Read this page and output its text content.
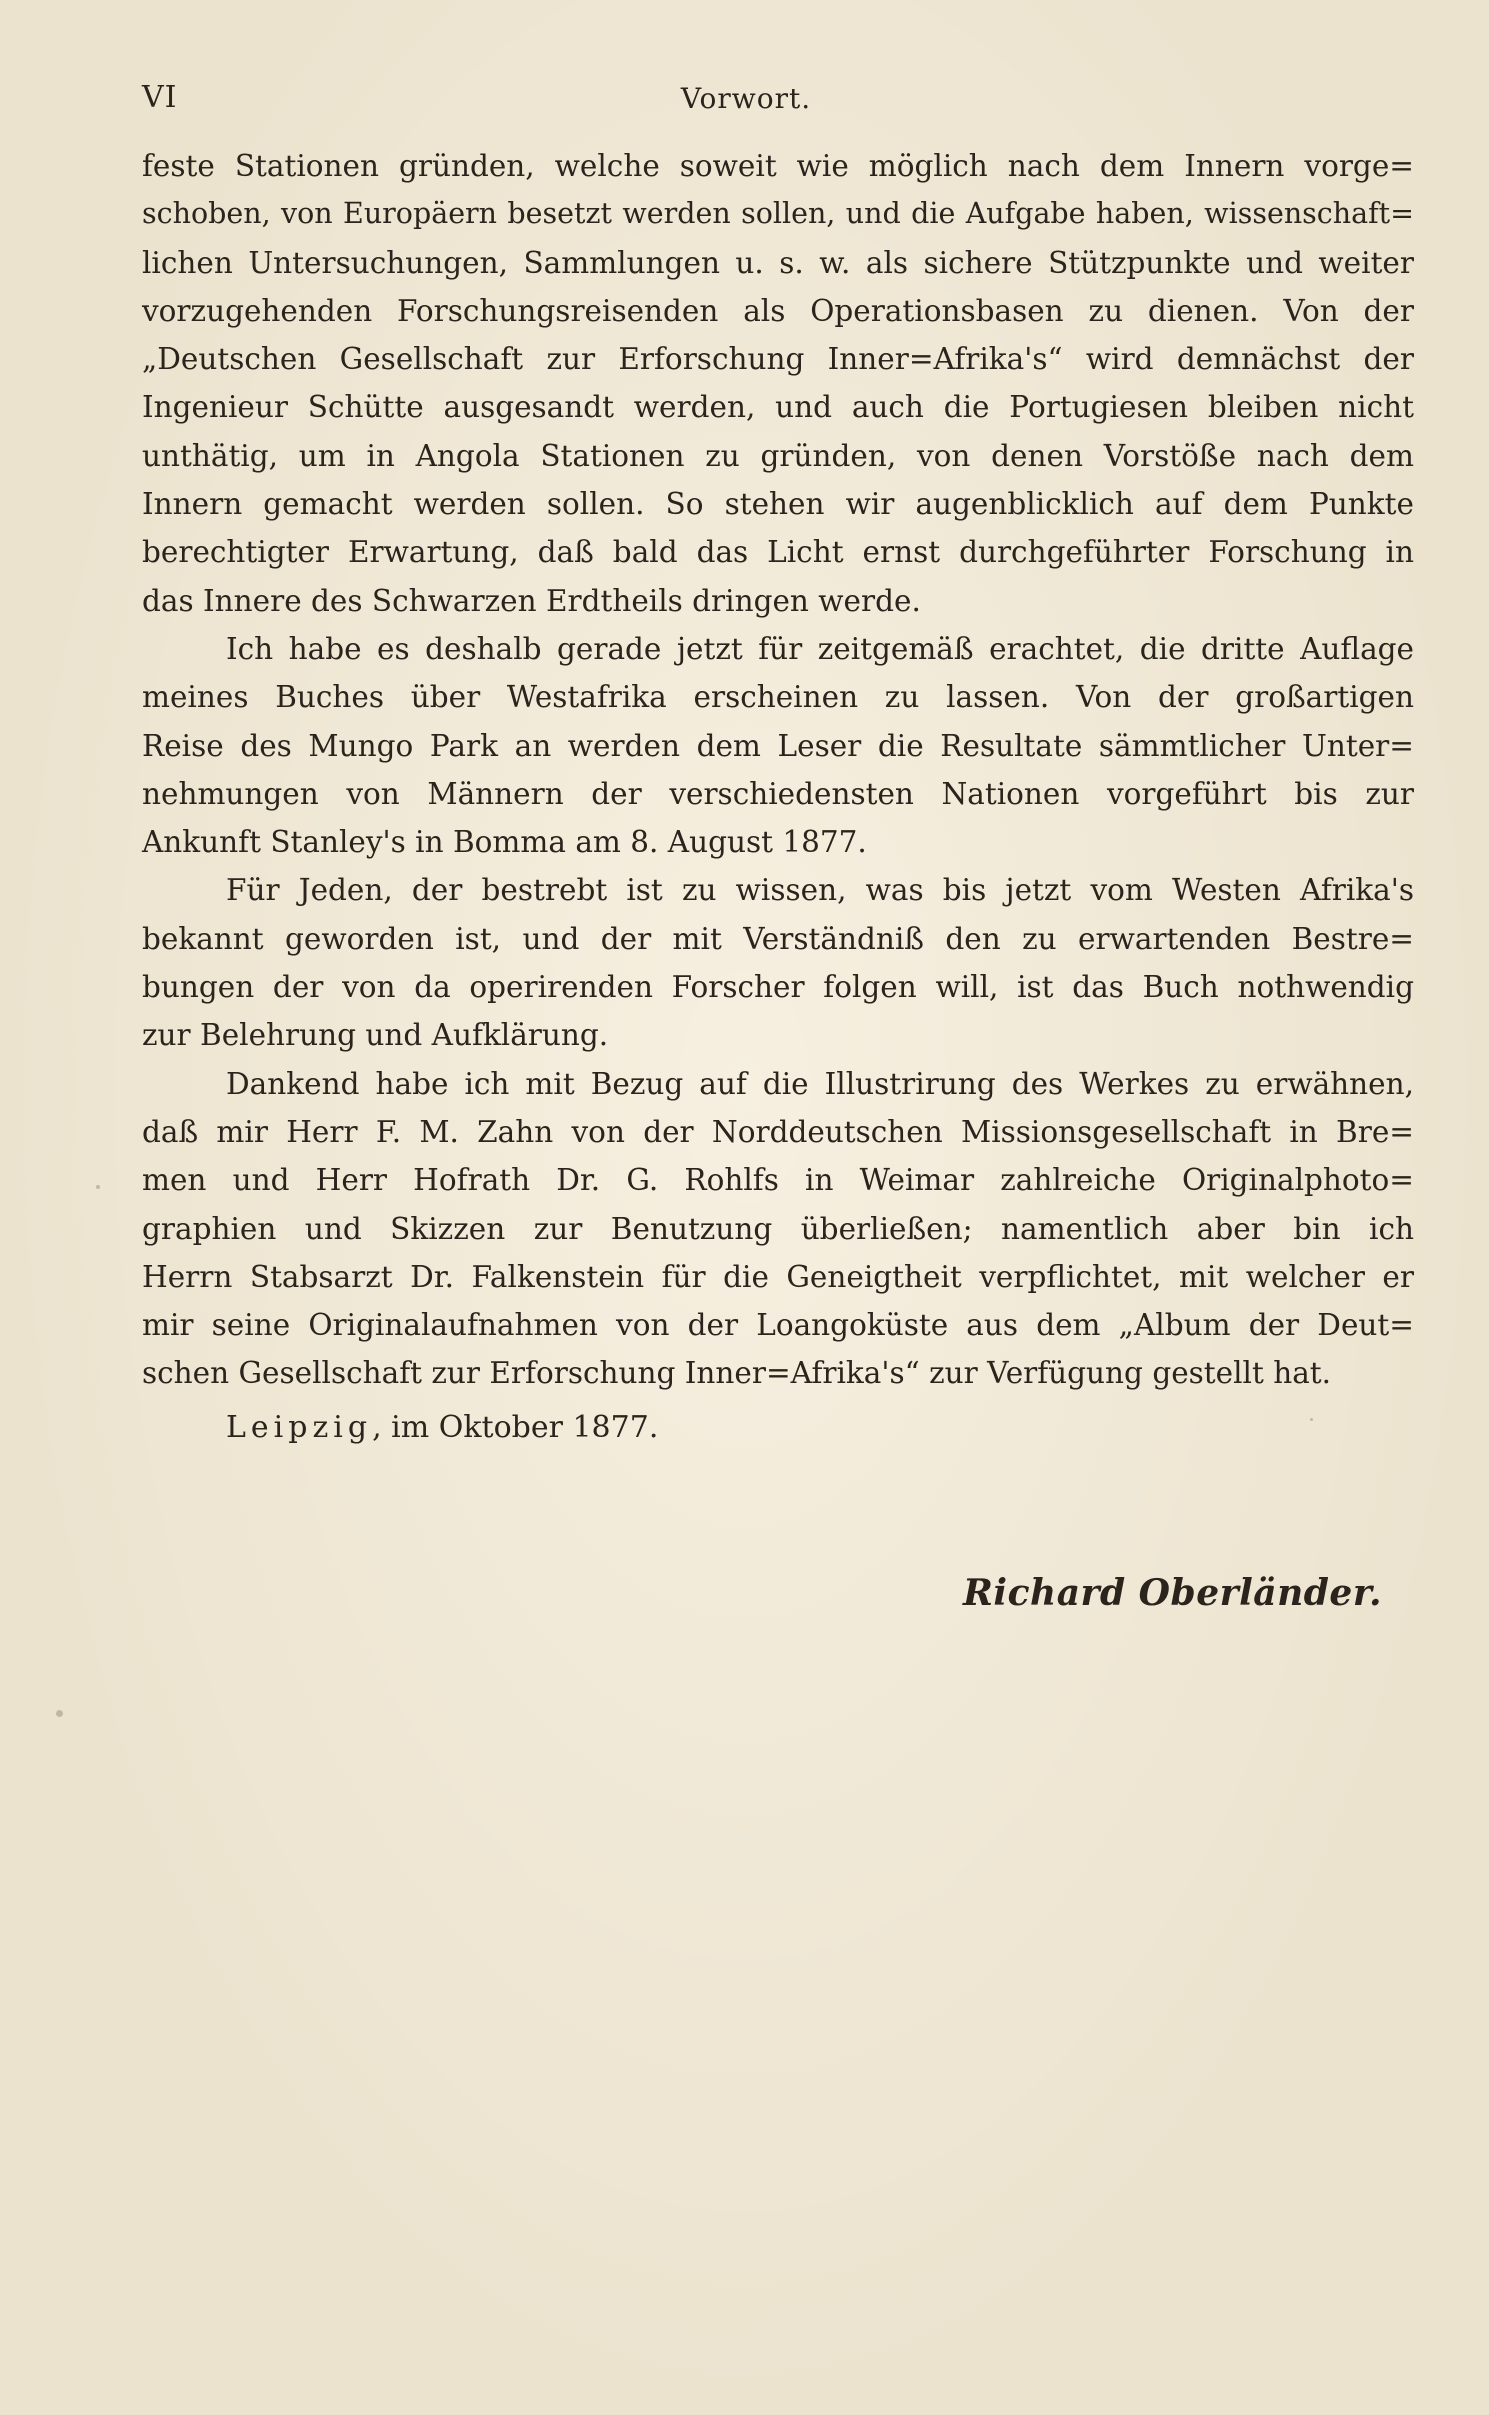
VI	Vorwort.
feste Stationen gründen, welche soweit wie möglich nach dem Innern vorge=
schoben, von Europäern besetzt werden sollen, und die Aufgabe haben, wissenschaft=
lichen Untersuchungen, Sammlungen u. s. w. als sichere Stützpunkte und weiter
vorzugehenden Forschungsreisenden als Operationsbasen zu dienen. Von der
„Deutschen Gesellschaft zur Erforschung Inner=Afrika's“ wird demnächst der
Ingenieur Schütte ausgesandt werden, und auch die Portugiesen bleiben nicht
unthätig, um in Angola Stationen zu gründen, von denen Vorstöße nach dem
Innern gemacht werden sollen. So stehen wir augenblicklich auf dem Punkte
berechtigter Erwartung, daß bald das Licht ernst durchgeführter Forschung in
das Innere des Schwarzen Erdtheils dringen werde.
Ich habe es deshalb gerade jetzt für zeitgemäß erachtet, die dritte Auflage
meines Buches über Westafrika erscheinen zu lassen. Von der großartigen
Reise des Mungo Park an werden dem Leser die Resultate sämmtlicher Unter=
nehmungen von Männern der verschiedensten Nationen vorgeführt bis zur
Ankunft Stanley's in Bomma am 8. August 1877.
Für Jeden, der bestrebt ist zu wissen, was bis jetzt vom Westen Afrika's
bekannt geworden ist, und der mit Verständniß den zu erwartenden Bestre=
bungen der von da operirenden Forscher folgen will, ist das Buch nothwendig
zur Belehrung und Aufklärung.
Dankend habe ich mit Bezug auf die Illustrirung des Werkes zu erwähnen,
daß mir Herr F. M. Zahn von der Norddeutschen Missionsgesellschaft in Bre=
men und Herr Hofrath Dr. G. Rohlfs in Weimar zahlreiche Originalphoto=
graphien und Skizzen zur Benutzung überließen; namentlich aber bin ich
Herrn Stabsarzt Dr. Falkenstein für die Geneigtheit verpflichtet, mit welcher er
mir seine Originalaufnahmen von der Loangoküste aus dem „Album der Deut=
schen Gesellschaft zur Erforschung Inner=Afrika's“ zur Verfügung gestellt hat.
Leipzig, im Oktober 1877.
Richard Oberländer.
